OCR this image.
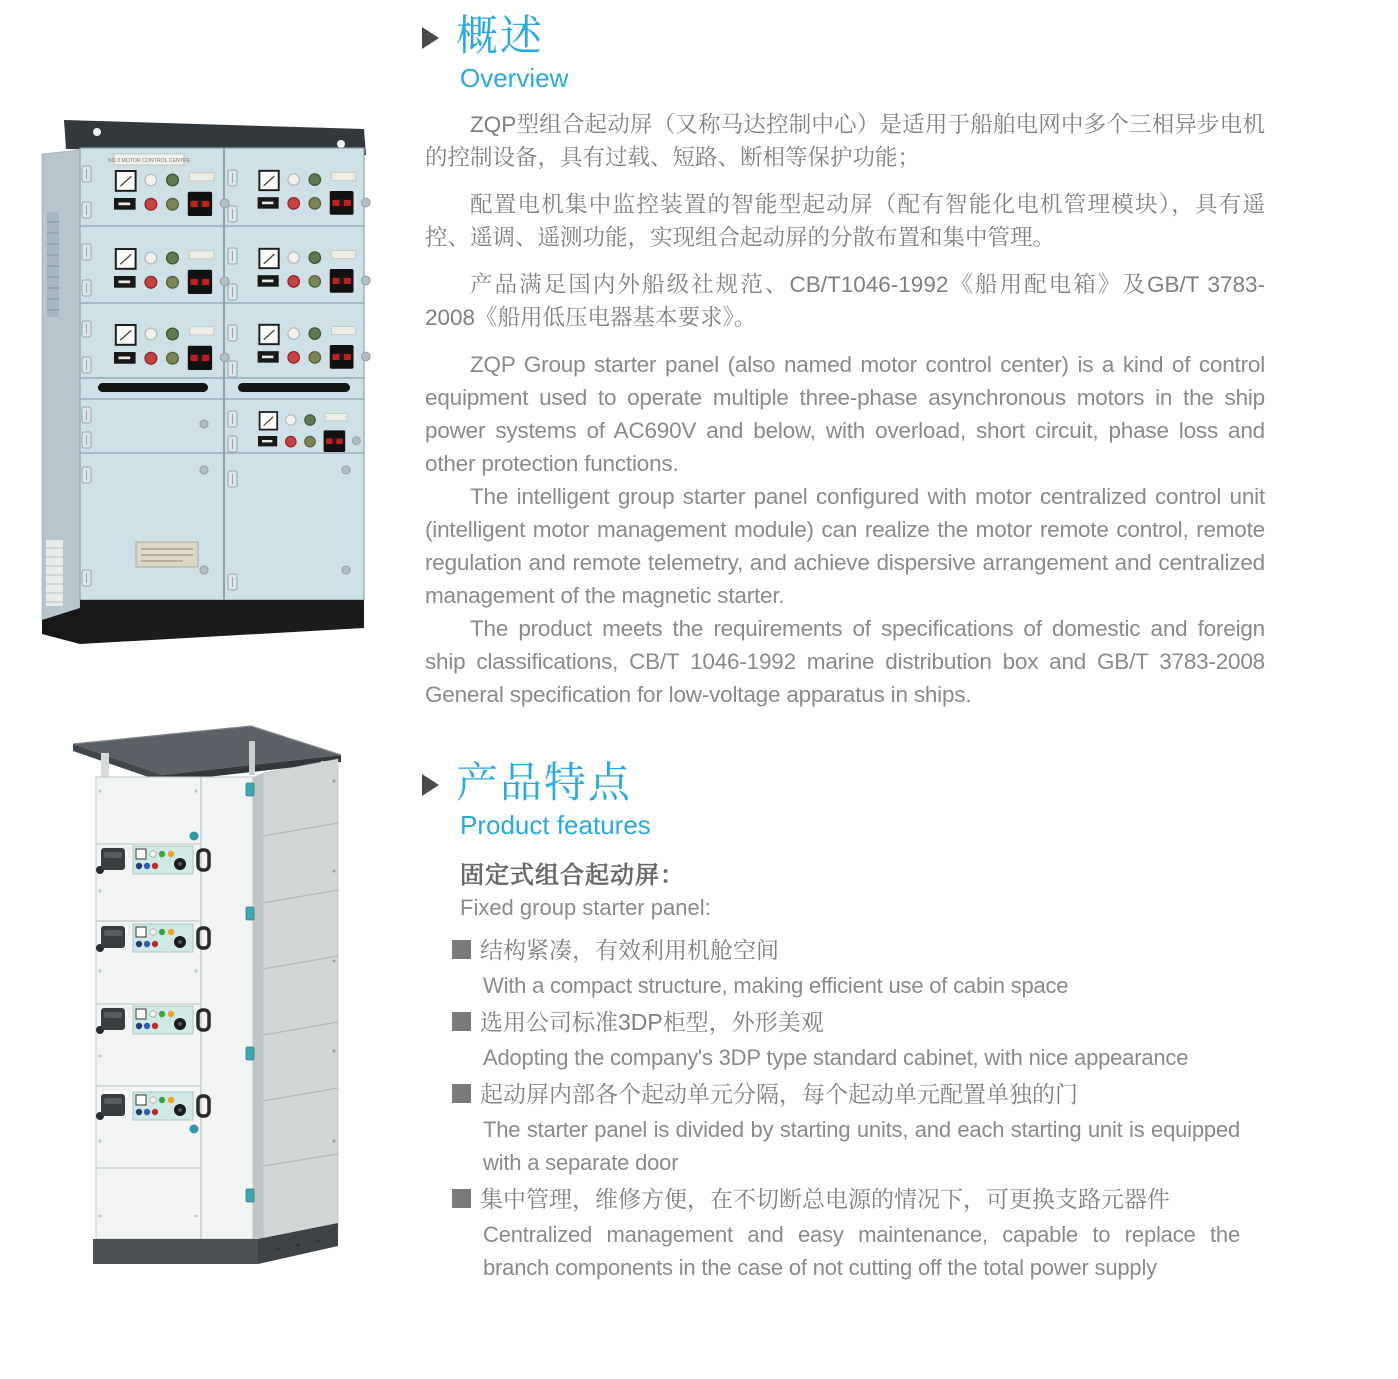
NO.3 MOTOR CONTROL CENTRE
概述
Overview

ZQP型组合起动屏（又称马达控制中心）是适用于船舶电网中多个三相异步电机的控制设备，具有过载、短路、断相等保护功能；

配置电机集中监控装置的智能型起动屏（配有智能化电机管理模块），具有遥控、遥调、遥测功能，实现组合起动屏的分散布置和集中管理。

产品满足国内外船级社规范、CB/T1046-1992《船用配电箱》及GB/T 3783-2008《船用低压电器基本要求》。

ZQP Group starter panel (also named motor control center) is a kind of control equipment used to operate multiple three-phase asynchronous motors in the ship power systems of AC690V and below, with overload, short circuit, phase loss and other protection functions.

The intelligent group starter panel configured with motor centralized control unit (intelligent motor management module) can realize the motor remote control, remote regulation and remote telemetry, and achieve dispersive arrangement and centralized management of the magnetic starter.

The product meets the requirements of specifications of domestic and foreign ship classifications, CB/T 1046-1992 marine distribution box and GB/T 3783-2008 General specification for low-voltage apparatus in ships.

产品特点
Product features
固定式组合起动屏：
Fixed group starter panel:
结构紧凑，有效利用机舱空间
With a compact structure, making efficient use of cabin space
选用公司标准3DP柜型，外形美观
Adopting the company's 3DP type standard cabinet, with nice appearance
起动屏内部各个起动单元分隔，每个起动单元配置单独的门
The starter panel is divided by starting units, and each starting unit is equipped with a separate door
集中管理，维修方便，在不切断总电源的情况下，可更换支路元器件
Centralized management and easy maintenance, capable to replace the branch components in the case of not cutting off the total power supply
